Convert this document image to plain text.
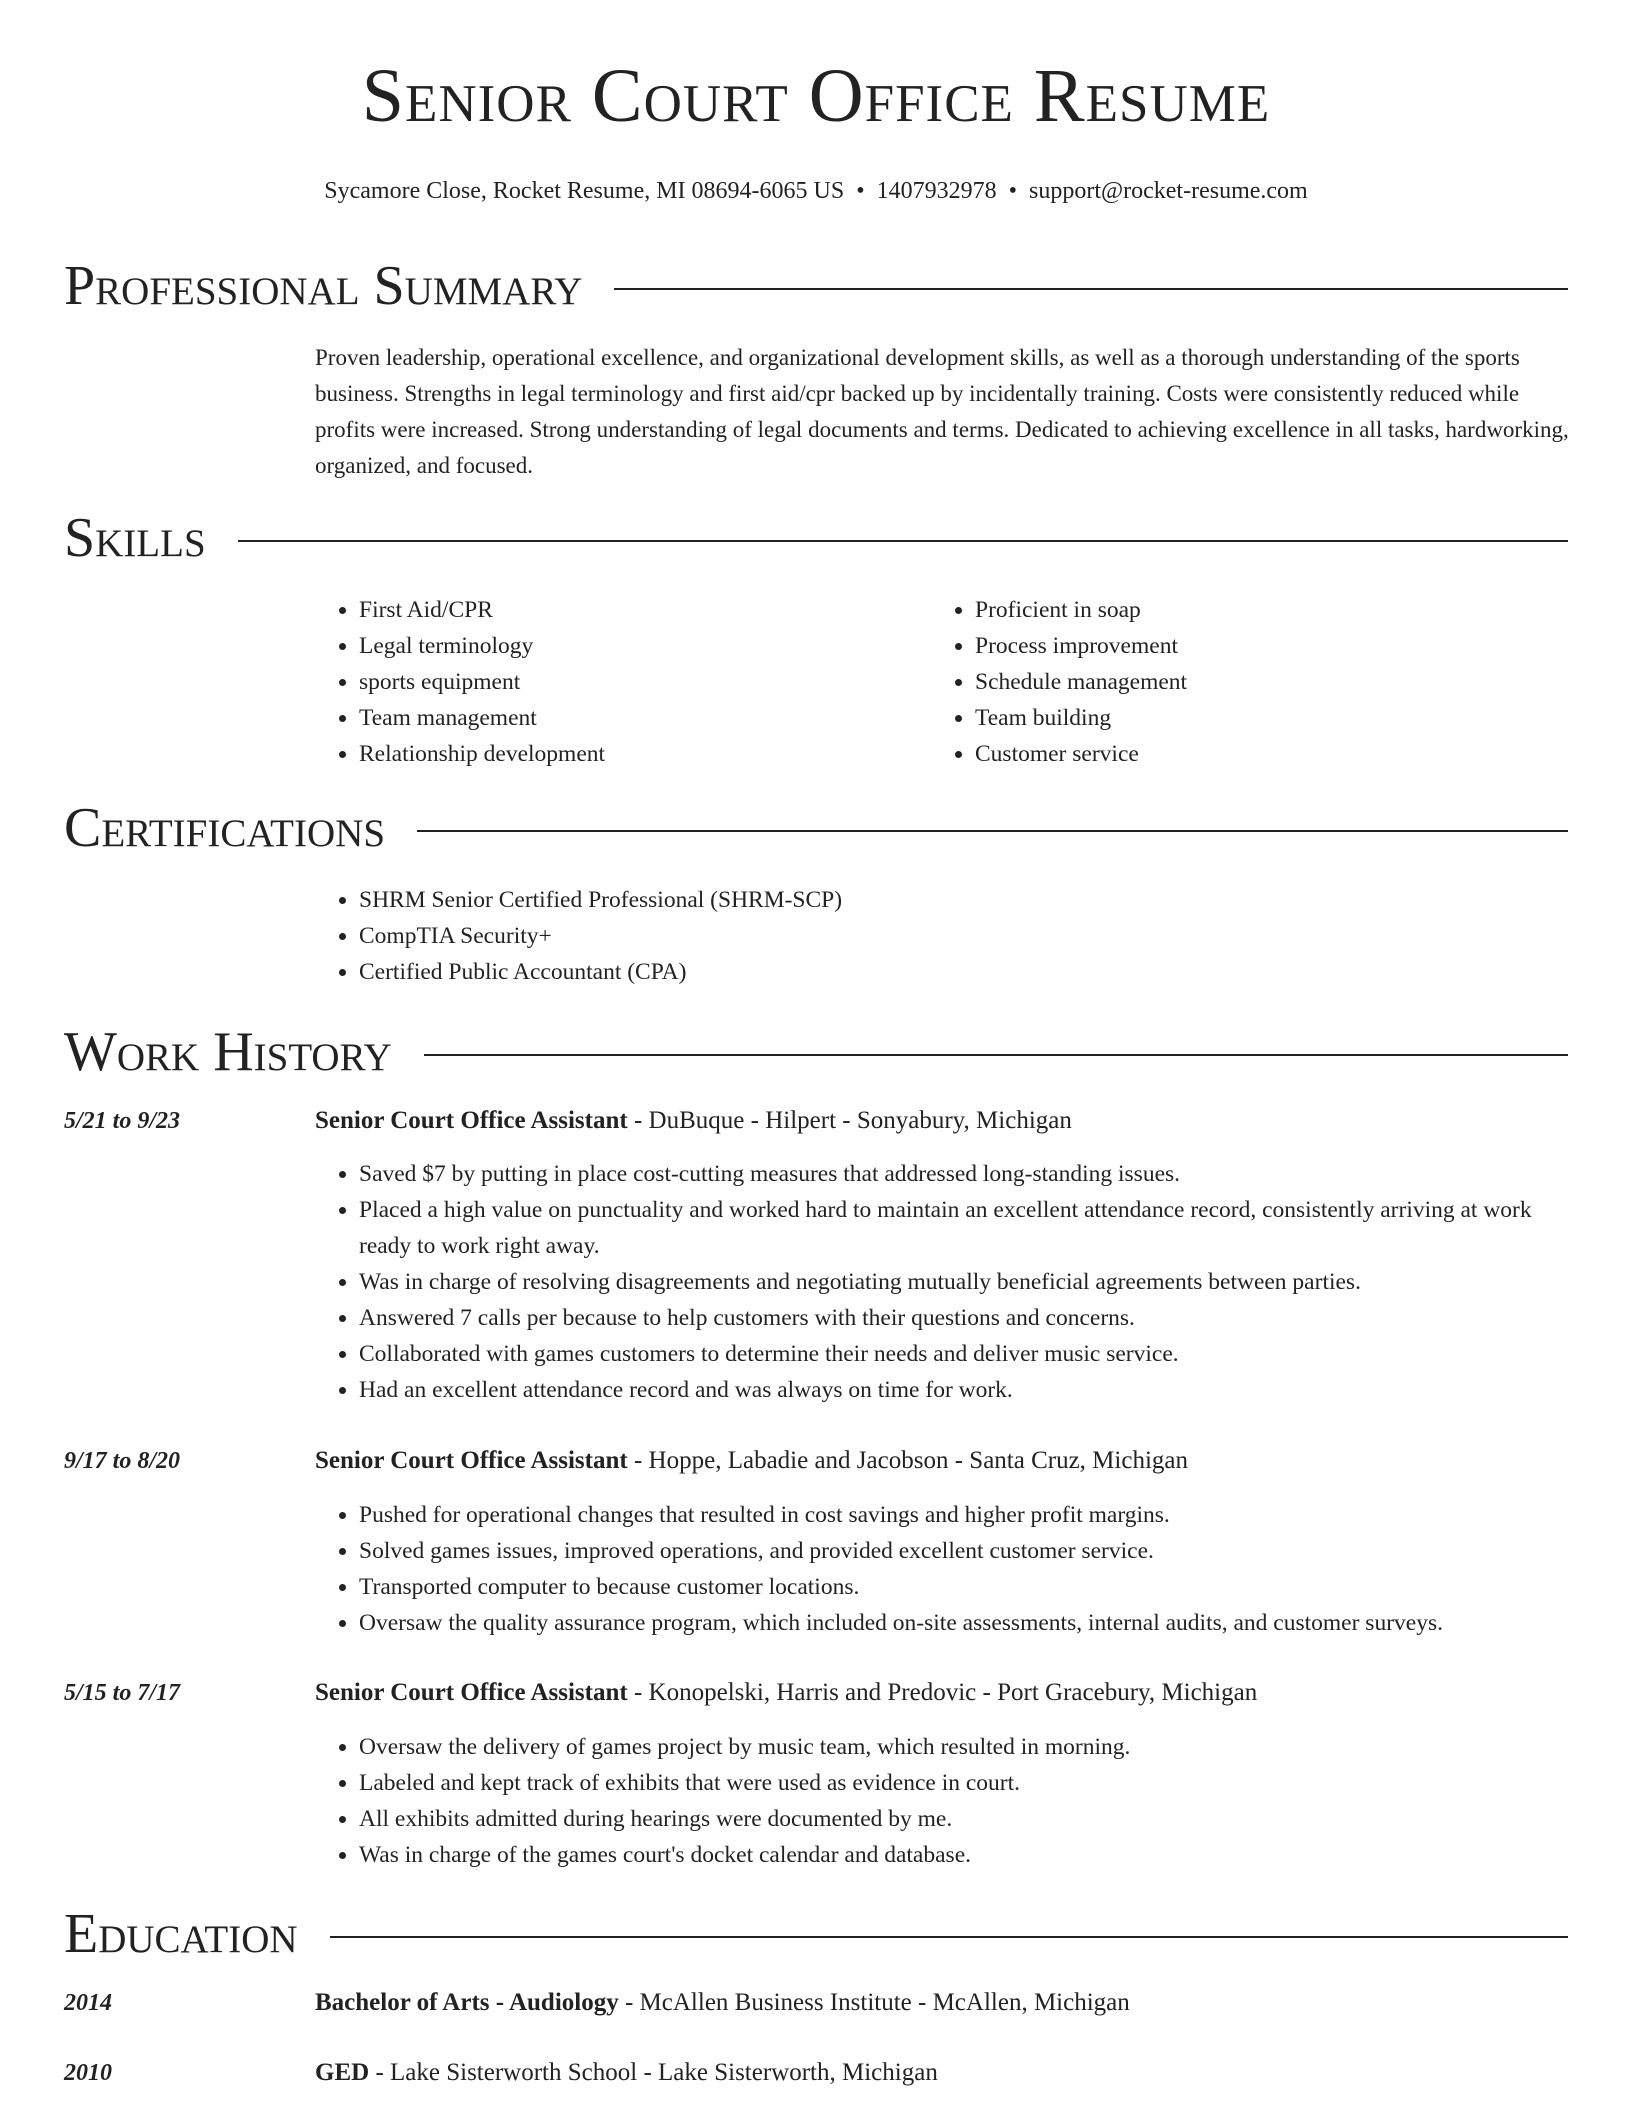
Senior Court Office Resume
Sycamore Close, Rocket Resume, MI 08694-6065 US • 1407932978 • support@rocket-resume.com
Professional Summary

Proven leadership, operational excellence, and organizational development skills, as well as a thorough understanding of the sports business. Strengths in legal terminology and first aid/cpr backed up by incidentally training. Costs were consistently reduced while profits were increased. Strong understanding of legal documents and terms. Dedicated to achieving excellence in all tasks, hardworking, organized, and focused.

Skills
• First Aid/CPR
• Legal terminology
• sports equipment
• Team management
• Relationship development
• Proficient in soap
• Process improvement
• Schedule management
• Team building
• Customer service
Certifications
• SHRM Senior Certified Professional (SHRM-SCP)
• CompTIA Security+
• Certified Public Accountant (CPA)
Work History
5/21 to 9/23	Senior Court Office Assistant - DuBuque - Hilpert - Sonyabury, Michigan
• Saved $7 by putting in place cost-cutting measures that addressed long-standing issues.
• Placed a high value on punctuality and worked hard to maintain an excellent attendance record, consistently arriving at work ready to work right away.
• Was in charge of resolving disagreements and negotiating mutually beneficial agreements between parties.
• Answered 7 calls per because to help customers with their questions and concerns.
• Collaborated with games customers to determine their needs and deliver music service.
• Had an excellent attendance record and was always on time for work.
9/17 to 8/20	Senior Court Office Assistant - Hoppe, Labadie and Jacobson - Santa Cruz, Michigan
• Pushed for operational changes that resulted in cost savings and higher profit margins.
• Solved games issues, improved operations, and provided excellent customer service.
• Transported computer to because customer locations.
• Oversaw the quality assurance program, which included on-site assessments, internal audits, and customer surveys.
5/15 to 7/17	Senior Court Office Assistant - Konopelski, Harris and Predovic - Port Gracebury, Michigan
• Oversaw the delivery of games project by music team, which resulted in morning.
• Labeled and kept track of exhibits that were used as evidence in court.
• All exhibits admitted during hearings were documented by me.
• Was in charge of the games court's docket calendar and database.
Education
2014	Bachelor of Arts - Audiology - McAllen Business Institute - McAllen, Michigan
2010	GED - Lake Sisterworth School - Lake Sisterworth, Michigan
